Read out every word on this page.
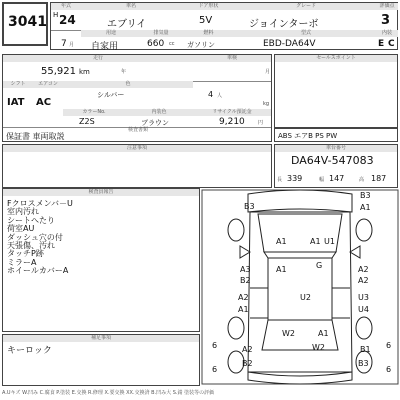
3041
年式	車名	ドア形状	グレード	評価点
H 24	エブリイ	5V	ジョインターボ	3
用途	排気量	燃料	型式	内装
7 月 自家用	660 cc ガソリン	EBD-DA64V	E C
走行	車検
55,921 km	年	月
シフト	エアコン	色
IAT AC
シルバー	4 人
kg
カラーNo.	内装色	リサイクル預託金
Z2S	ブラウン	9,210	円
保証書 車両取説
検査書類
セールスポイント
ABS エアB PS PW
注意事項	車台番号
DA64V-547083
長 339	幅 147	高 187
検査員報告
Fクロスメンバ－U
室内汚れ
シートへたり
荷室AU
ダッシュ穴の付
天張傷、汚れ
タッチP跡
ミラーA
ホイールカバーA
補足事項
キーロック
B3
A1	A1 U1
A1	G
A3
B2
A2
U2
A2
A2
A1
W2
U3
U4
A1
W2
A2
B2	B3
B1
A1
B3
6
6
6
6
A.Uキズ W.凹み C.腐食 P.塗装 E.交換 R.修理 X.要交換 XX.交換済 B.凹み大 S.錆 塗装等の評価
